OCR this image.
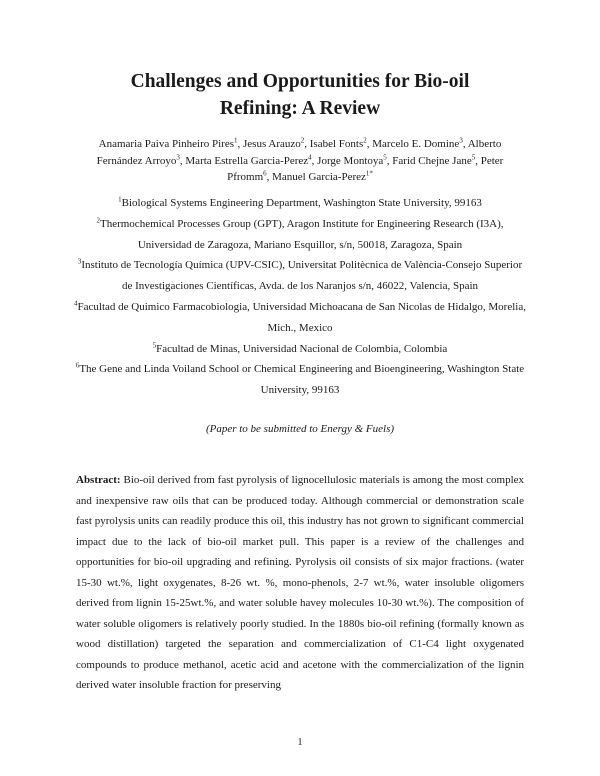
Challenges and Opportunities for Bio-oil
Refining: A Review
Anamaria Paiva Pinheiro Pires$^1$, Jesus Arauzo$^2$, Isabel Fonts$^2$, Marcelo E. Domine$^3$, Alberto Fernández Arroyo$^3$, Marta Estrella Garcia-Perez$^4$, Jorge Montoya$^5$, Farid Chejne Jane$^5$, Peter Pfromm$^6$, Manuel Garcia-Perez$^{1*}$

$^1$Biological Systems Engineering Department, Washington State University, 99163

$^2$Thermochemical Processes Group (GPT), Aragon Institute for Engineering Research (I3A), Universidad de Zaragoza, Mariano Esquillor, s/n, 50018, Zaragoza, Spain

$^3$Instituto de Tecnología Química (UPV-CSIC), Universitat Politècnica de València-Consejo Superior de Investigaciones Científicas, Avda. de los Naranjos s/n, 46022, Valencia, Spain

$^4$Facultad de Quimico Farmacobiologia, Universidad Michoacana de San Nicolas de Hidalgo, Morelia, Mich., Mexico

$^5$Facultad de Minas, Universidad Nacional de Colombia, Colombia

$^6$The Gene and Linda Voiland School or Chemical Engineering and Bioengineering, Washington State University, 99163

(Paper to be submitted to Energy & Fuels)

Abstract: Bio-oil derived from fast pyrolysis of lignocellulosic materials is among the most complex and inexpensive raw oils that can be produced today. Although commercial or demonstration scale fast pyrolysis units can readily produce this oil, this industry has not grown to significant commercial impact due to the lack of bio-oil market pull. This paper is a review of the challenges and opportunities for bio-oil upgrading and refining. Pyrolysis oil consists of six major fractions. (water 15-30 wt.%, light oxygenates, 8-26 wt. %, mono-phenols, 2-7 wt.%, water insoluble oligomers derived from lignin 15-25wt.%, and water soluble havey molecules 10-30 wt.%). The composition of water soluble oligomers is relatively poorly studied. In the 1880s bio-oil refining (formally known as wood distillation) targeted the separation and commercialization of C1-C4 light oxygenated compounds to produce methanol, acetic acid and acetone with the commercialization of the lignin derived water insoluble fraction for preserving

1
